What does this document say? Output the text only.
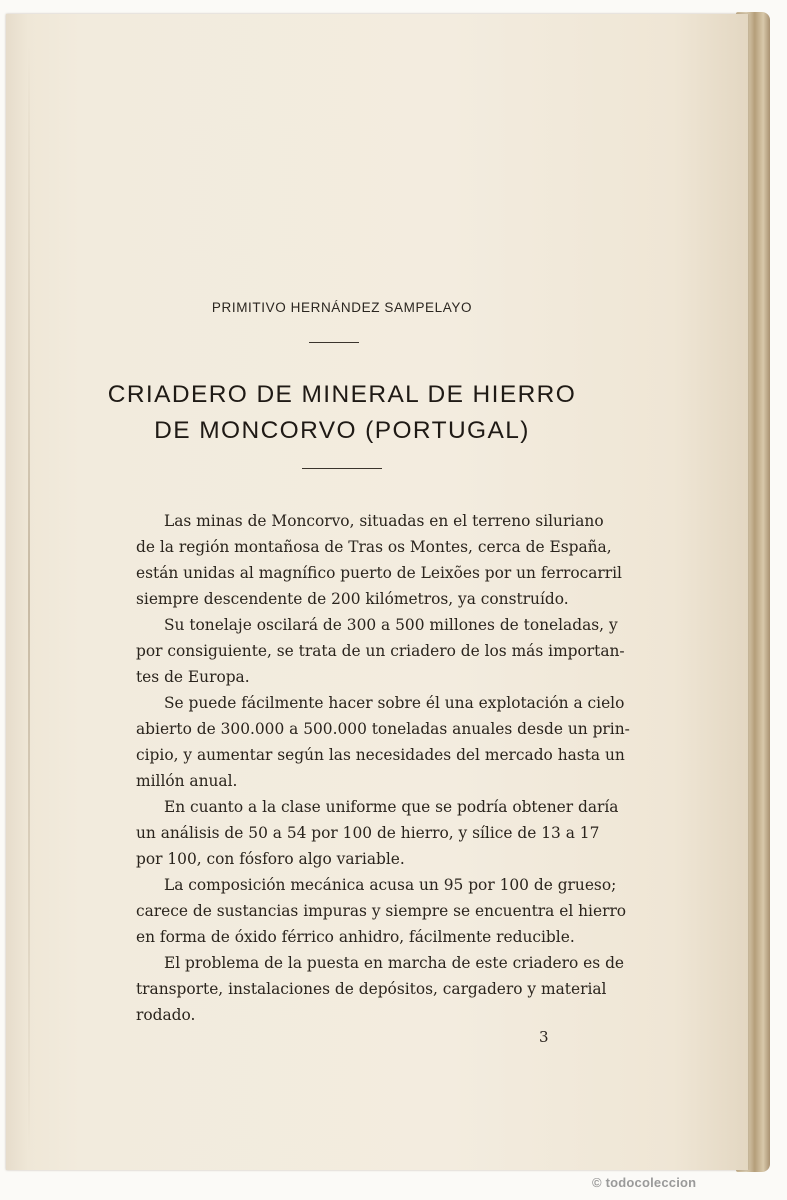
PRIMITIVO HERNÁNDEZ SAMPELAYO
CRIADERO DE MINERAL DE HIERRO
DE MONCORVO (PORTUGAL)
Las minas de Moncorvo, situadas en el terreno siluriano
de la región montañosa de Tras os Montes, cerca de España,
están unidas al magnífico puerto de Leixões por un ferrocarril
siempre descendente de 200 kilómetros, ya construído.
Su tonelaje oscilará de 300 a 500 millones de toneladas, y
por consiguiente, se trata de un criadero de los más importan-
tes de Europa.
Se puede fácilmente hacer sobre él una explotación a cielo
abierto de 300.000 a 500.000 toneladas anuales desde un prin-
cipio, y aumentar según las necesidades del mercado hasta un
millón anual.
En cuanto a la clase uniforme que se podría obtener daría
un análisis de 50 a 54 por 100 de hierro, y sílice de 13 a 17
por 100, con fósforo algo variable.
La composición mecánica acusa un 95 por 100 de grueso;
carece de sustancias impuras y siempre se encuentra el hierro
en forma de óxido férrico anhidro, fácilmente reducible.
El problema de la puesta en marcha de este criadero es de
transporte, instalaciones de depósitos, cargadero y material
rodado.
3
© todocoleccion
